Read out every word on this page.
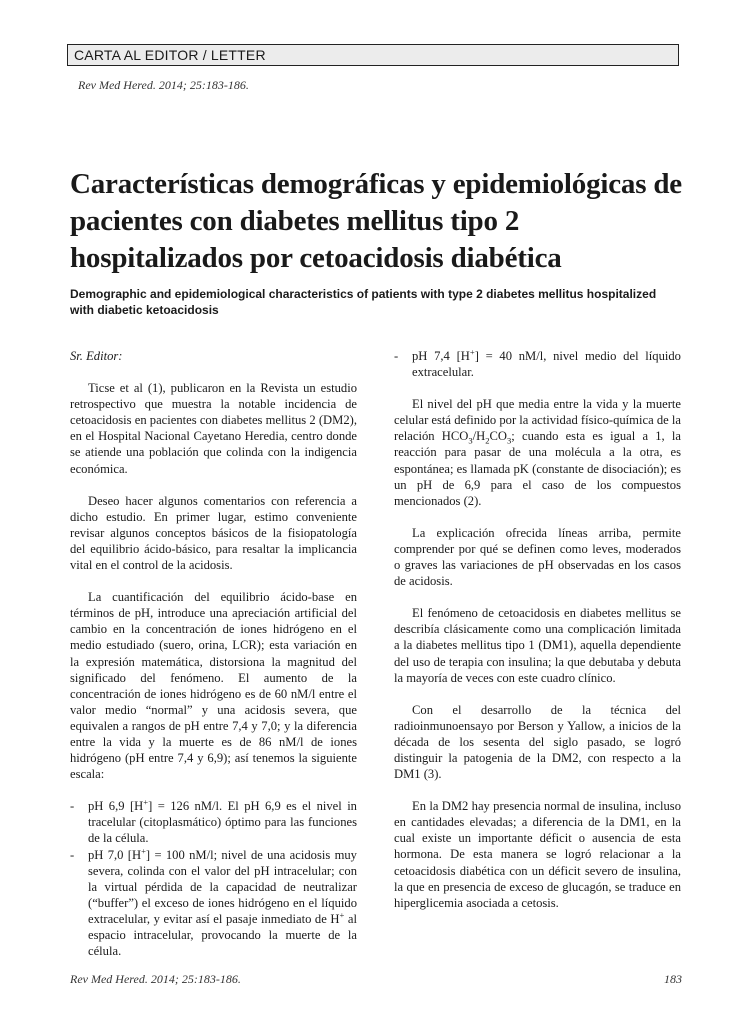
CARTA AL EDITOR / LETTER
Rev Med Hered. 2014; 25:183-186.
Características demográficas y epidemiológicas de pacientes con diabetes mellitus tipo 2 hospitalizados por cetoacidosis diabética

Demographic and epidemiological characteristics of patients with type 2 diabetes mellitus hospitalized with diabetic ketoacidosis

Sr. Editor:

Ticse et al (1), publicaron en la Revista un estudio retrospectivo que muestra la notable incidencia de cetoacidosis en pacientes con diabetes mellitus 2 (DM2), en el Hospital Nacional Cayetano Heredia, centro donde se atiende una población que colinda con la indigencia económica.

Deseo hacer algunos comentarios con referencia a dicho estudio. En primer lugar, estimo conveniente revisar algunos conceptos básicos de la fisiopatología del equilibrio ácido-básico, para resaltar la implicancia vital en el control de la acidosis.

La cuantificación del equilibrio ácido-base en términos de pH, introduce una apreciación artificial del cambio en la concentración de iones hidrógeno en el medio estudiado (suero, orina, LCR); esta variación en la expresión matemática, distorsiona la magnitud del significado del fenómeno. El aumento de la concentración de iones hidrógeno es de 60 nM/l entre el valor medio “normal” y una acidosis severa, que equivalen a rangos de pH entre 7,4 y 7,0; y la diferencia entre la vida y la muerte es de 86 nM/l de iones hidrógeno (pH entre 7,4 y 6,9); así tenemos la siguiente escala:

- pH 6,9 [H+] = 126 nM/l. El pH 6,9 es el nivel in tracelular (citoplasmático) óptimo para las funciones de la célula.
- pH 7,0 [H+] = 100 nM/l; nivel de una acidosis muy severa, colinda con el valor del pH intracelular; con la virtual pérdida de la capacidad de neutralizar (“buffer”) el exceso de iones hidrógeno en el líquido extracelular, y evitar así el pasaje inmediato de H+ al espacio intracelular, provocando la muerte de la célula.
- pH 7,4 [H+] = 40 nM/l, nivel medio del líquido extracelular.

El nivel del pH que media entre la vida y la muerte celular está definido por la actividad físico-química de la relación $HCO_3/H_2CO_3$; cuando esta es igual a 1, la reacción para pasar de una molécula a la otra, es espontánea; es llamada pK (constante de disociación); es un pH de 6,9 para el caso de los compuestos mencionados (2).

La explicación ofrecida líneas arriba, permite comprender por qué se definen como leves, moderados o graves las variaciones de pH observadas en los casos de acidosis.

El fenómeno de cetoacidosis en diabetes mellitus se describía clásicamente como una complicación limitada a la diabetes mellitus tipo 1 (DM1), aquella dependiente del uso de terapia con insulina; la que debutaba y debuta la mayoría de veces con este cuadro clínico.

Con el desarrollo de la técnica del radioinmunoensayo por Berson y Yallow, a inicios de la década de los sesenta del siglo pasado, se logró distinguir la patogenia de la DM2, con respecto a la DM1 (3).

En la DM2 hay presencia normal de insulina, incluso en cantidades elevadas; a diferencia de la DM1, en la cual existe un importante déficit o ausencia de esta hormona. De esta manera se logró relacionar a la cetoacidosis diabética con un déficit severo de insulina, la que en presencia de exceso de glucagón, se traduce en hiperglicemia asociada a cetosis.

Rev Med Hered. 2014; 25:183-186.	183
